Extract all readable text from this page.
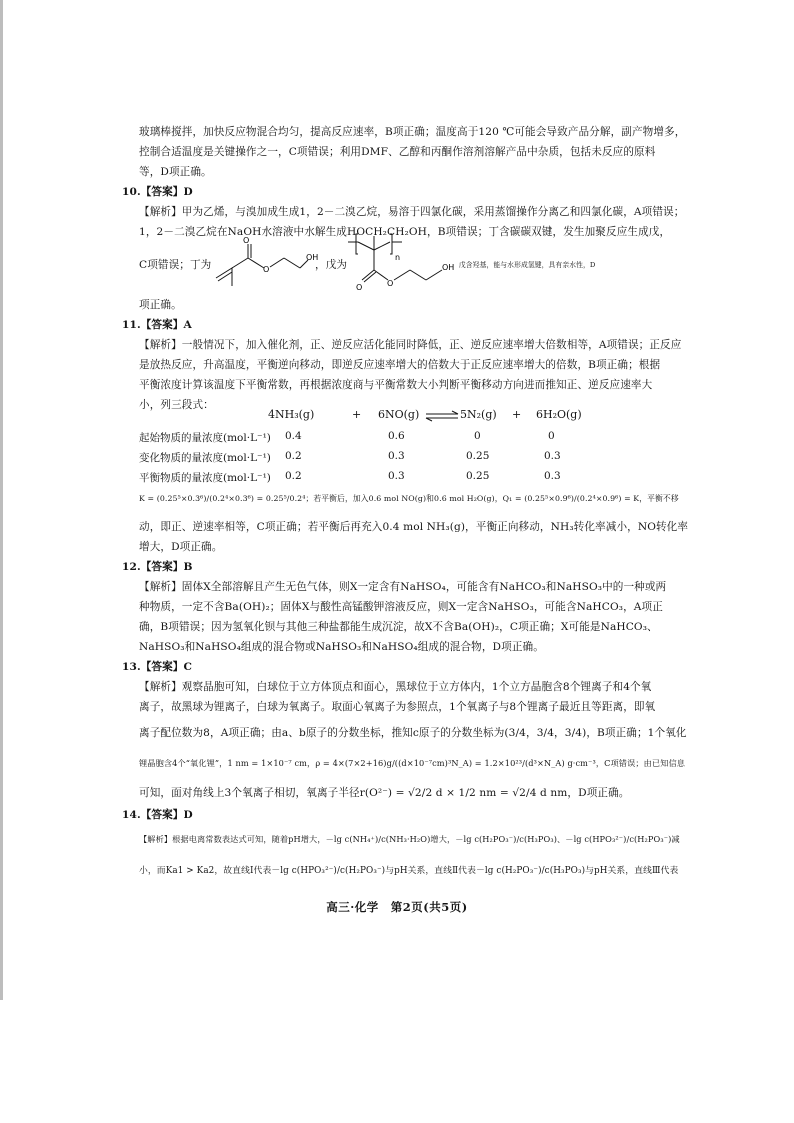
玻璃棒搅拌，加快反应物混合均匀，提高反应速率，B项正确；温度高于120 ℃可能会导致产品分解，副产物增多，
控制合适温度是关键操作之一，C项错误；利用DMF、乙醇和丙酮作溶剂溶解产品中杂质，包括未反应的原料
等，D项正确。
10.【答案】D
【解析】甲为乙烯，与溴加成生成1，2－二溴乙烷，易溶于四氯化碳，采用蒸馏操作分离乙和四氯化碳，A项错误；
1，2－二溴乙烷在NaOH水溶液中水解生成HOCH₂CH₂OH，B项错误；丁含碳碳双键，发生加聚反应生成戊，
C项错误；丁为
O
O
OH
，戊为
n
O	O
OH
，戊含羟基，能与水形成氢键，具有亲水性，D
项正确。
11.【答案】A
【解析】一般情况下，加入催化剂，正、逆反应活化能同时降低，正、逆反应速率增大倍数相等，A项错误；正反应
是放热反应，升高温度，平衡逆向移动，即逆反应速率增大的倍数大于正反应速率增大的倍数，B项正确；根据
平衡浓度计算该温度下平衡常数，再根据浓度商与平衡常数大小判断平衡移动方向进而推知正、逆反应速率大
小，列三段式：
4NH₃(g)	+ 6NO(g) ⇌ 5N₂(g) + 6H₂O(g)
起始物质的量浓度(mol·L⁻¹) 0.4	0.6	0	0
变化物质的量浓度(mol·L⁻¹) 0.2	0.3	0.25	0.3
平衡物质的量浓度(mol·L⁻¹) 0.2	0.3	0.25	0.3
K = (0.25⁵×0.3⁶)/(0.2⁴×0.3⁶) = 0.25⁵/0.2⁴；若平衡后，加入0.6 mol NO(g)和0.6 mol H₂O(g)，Q₁ = (0.25⁵×0.9⁶)/(0.2⁴×0.9⁶) = K，平衡不移
动，即正、逆速率相等，C项正确；若平衡后再充入0.4 mol NH₃(g)，平衡正向移动，NH₃转化率减小，NO转化率
增大，D项正确。
12.【答案】B
【解析】固体X全部溶解且产生无色气体，则X一定含有NaHSO₄，可能含有NaHCO₃和NaHSO₃中的一种或两
种物质，一定不含Ba(OH)₂；固体X与酸性高锰酸钾溶液反应，则X一定含NaHSO₃，可能含NaHCO₃，A项正
确，B项错误；因为氢氧化钡与其他三种盐都能生成沉淀，故X不含Ba(OH)₂，C项正确；X可能是NaHCO₃、
NaHSO₃和NaHSO₄组成的混合物或NaHSO₃和NaHSO₄组成的混合物，D项正确。
13.【答案】C
【解析】观察晶胞可知，白球位于立方体顶点和面心，黑球位于立方体内，1个立方晶胞含8个锂离子和4个氧
离子，故黑球为锂离子，白球为氧离子。取面心氧离子为参照点，1个氧离子与8个锂离子最近且等距离，即氧
离子配位数为8，A项正确；由a、b原子的分数坐标，推知c原子的分数坐标为(3/4，3/4，3/4)，B项正确；1个氧化
锂晶胞含4个“氧化锂”，1 nm = 1×10⁻⁷ cm，ρ = 4×(7×2+16)g/((d×10⁻⁷cm)³N_A) = 1.2×10²³/(d³×N_A) g·cm⁻³，C项错误；由已知信息
可知，面对角线上3个氧离子相切，氧离子半径r(O²⁻) = √2/2 d × 1/2 nm = √2/4 d nm，D项正确。
14.【答案】D
【解析】根据电离常数表达式可知，随着pH增大，－lg c(NH₄⁺)/c(NH₃·H₂O)增大，－lg c(H₂PO₃⁻)/c(H₃PO₃)、－lg c(HPO₃²⁻)/c(H₂PO₃⁻)减
小，而Ka1 > Ka2，故直线Ⅰ代表－lg c(HPO₃²⁻)/c(H₂PO₃⁻)与pH关系，直线Ⅱ代表－lg c(H₂PO₃⁻)/c(H₃PO₃)与pH关系，直线Ⅲ代表
高三·化学　第2页(共5页)
